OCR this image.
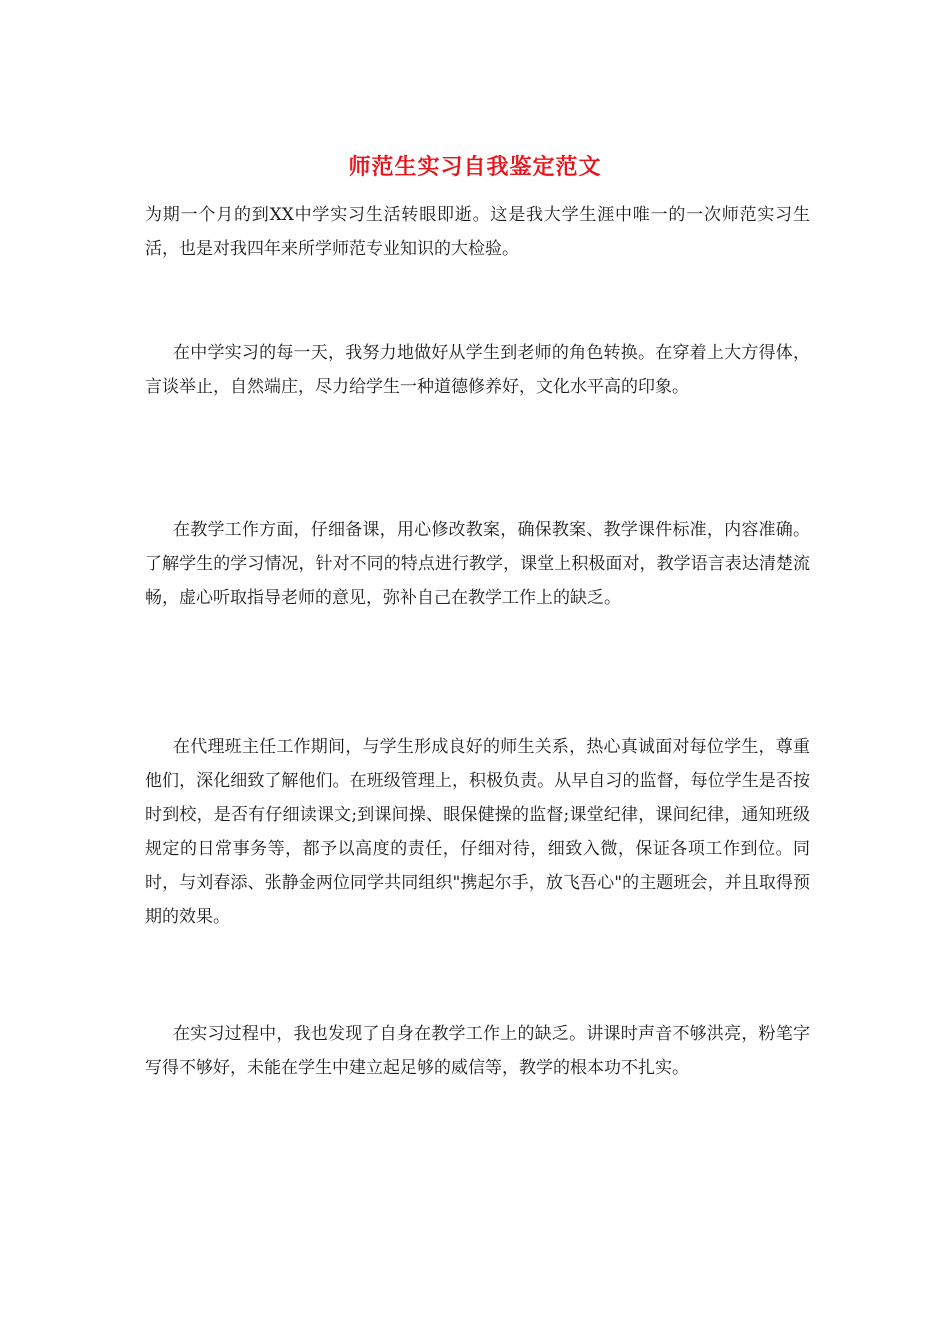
师范生实习自我鉴定范文

为期一个月的到XX中学实习生活转眼即逝。这是我大学生涯中唯一的一次师范实习生活，也是对我四年来所学师范专业知识的大检验。

在中学实习的每一天，我努力地做好从学生到老师的角色转换。在穿着上大方得体，言谈举止，自然端庄，尽力给学生一种道德修养好，文化水平高的印象。

在教学工作方面，仔细备课，用心修改教案，确保教案、教学课件标准，内容准确。了解学生的学习情况，针对不同的特点进行教学，课堂上积极面对，教学语言表达清楚流畅，虚心听取指导老师的意见，弥补自己在教学工作上的缺乏。

在代理班主任工作期间，与学生形成良好的师生关系，热心真诚面对每位学生，尊重他们，深化细致了解他们。在班级管理上，积极负责。从早自习的监督，每位学生是否按时到校，是否有仔细读课文;到课间操、眼保健操的监督;课堂纪律，课间纪律，通知班级规定的日常事务等，都予以高度的责任，仔细对待，细致入微，保证各项工作到位。同时，与刘春添、张静金两位同学共同组织"携起尔手，放飞吾心"的主题班会，并且取得预期的效果。

在实习过程中，我也发现了自身在教学工作上的缺乏。讲课时声音不够洪亮，粉笔字写得不够好，未能在学生中建立起足够的威信等，教学的根本功不扎实。
